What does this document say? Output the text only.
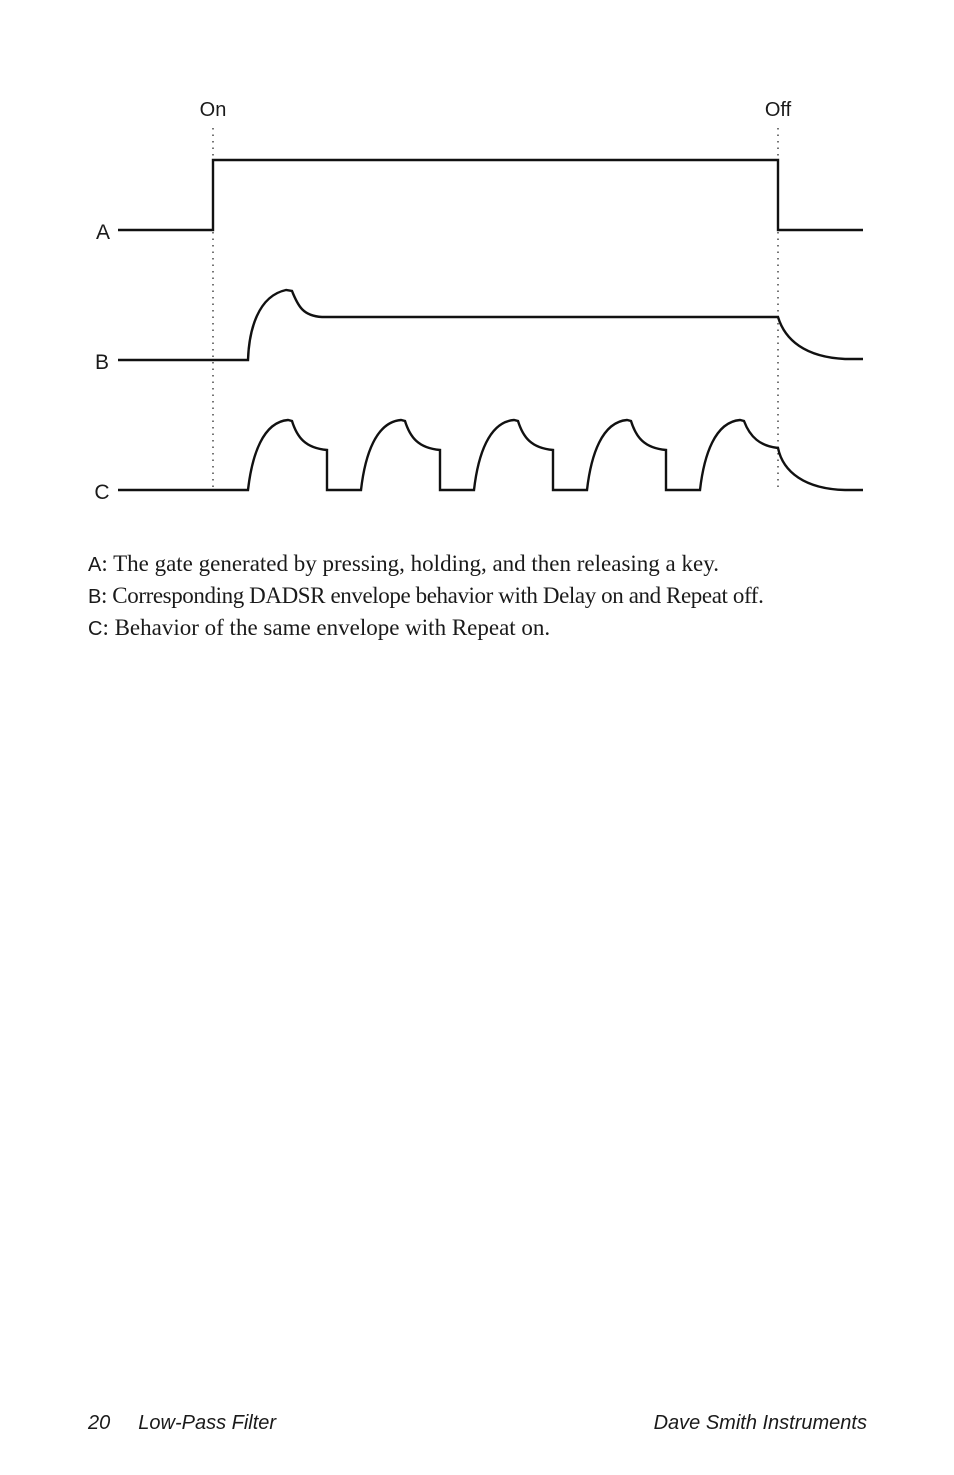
On	Off
A
B
C

A: The gate generated by pressing, holding, and then releasing a key.

B: Corresponding DADSR envelope behavior with Delay on and Repeat off.

C: Behavior of the same envelope with Repeat on.

20 Low-Pass Filter	Dave Smith Instruments
